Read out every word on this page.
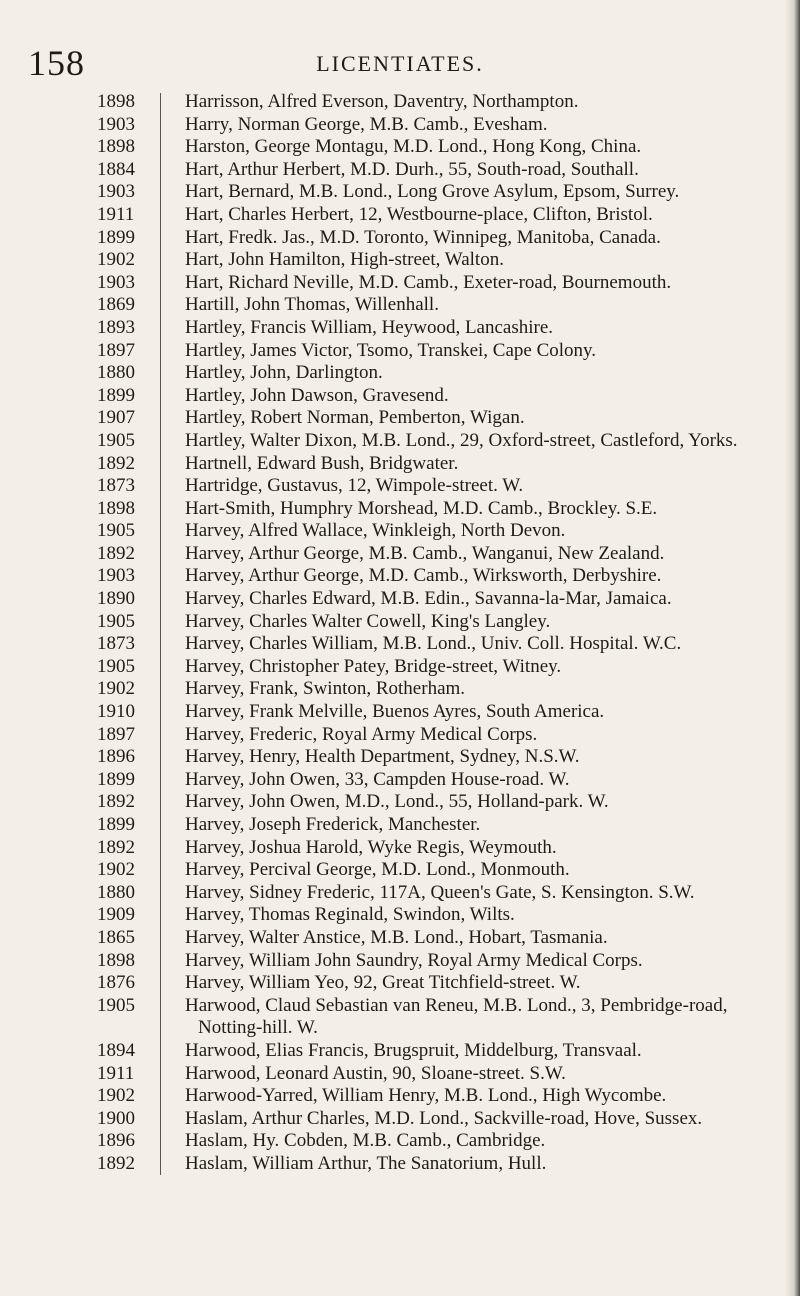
158	LICENTIATES.
1898	Harrisson, Alfred Everson, Daventry, Northampton.
1903	Harry, Norman George, M.B. Camb., Evesham.
1898	Harston, George Montagu, M.D. Lond., Hong Kong, China.
1884	Hart, Arthur Herbert, M.D. Durh., 55, South-road, Southall.
1903	Hart, Bernard, M.B. Lond., Long Grove Asylum, Epsom, Surrey.
1911	Hart, Charles Herbert, 12, Westbourne-place, Clifton, Bristol.
1899	Hart, Fredk. Jas., M.D. Toronto, Winnipeg, Manitoba, Canada.
1902	Hart, John Hamilton, High-street, Walton.
1903	Hart, Richard Neville, M.D. Camb., Exeter-road, Bournemouth.
1869	Hartill, John Thomas, Willenhall.
1893	Hartley, Francis William, Heywood, Lancashire.
1897	Hartley, James Victor, Tsomo, Transkei, Cape Colony.
1880	Hartley, John, Darlington.
1899	Hartley, John Dawson, Gravesend.
1907	Hartley, Robert Norman, Pemberton, Wigan.
1905	Hartley, Walter Dixon, M.B. Lond., 29, Oxford-street, Castleford, Yorks.
1892	Hartnell, Edward Bush, Bridgwater.
1873	Hartridge, Gustavus, 12, Wimpole-street. W.
1898	Hart-Smith, Humphry Morshead, M.D. Camb., Brockley. S.E.
1905	Harvey, Alfred Wallace, Winkleigh, North Devon.
1892	Harvey, Arthur George, M.B. Camb., Wanganui, New Zealand.
1903	Harvey, Arthur George, M.D. Camb., Wirksworth, Derbyshire.
1890	Harvey, Charles Edward, M.B. Edin., Savanna-la-Mar, Jamaica.
1905	Harvey, Charles Walter Cowell, King's Langley.
1873	Harvey, Charles William, M.B. Lond., Univ. Coll. Hospital. W.C.
1905	Harvey, Christopher Patey, Bridge-street, Witney.
1902	Harvey, Frank, Swinton, Rotherham.
1910	Harvey, Frank Melville, Buenos Ayres, South America.
1897	Harvey, Frederic, Royal Army Medical Corps.
1896	Harvey, Henry, Health Department, Sydney, N.S.W.
1899	Harvey, John Owen, 33, Campden House-road. W.
1892	Harvey, John Owen, M.D., Lond., 55, Holland-park. W.
1899	Harvey, Joseph Frederick, Manchester.
1892	Harvey, Joshua Harold, Wyke Regis, Weymouth.
1902	Harvey, Percival George, M.D. Lond., Monmouth.
1880	Harvey, Sidney Frederic, 117A, Queen's Gate, S. Kensington. S.W.
1909	Harvey, Thomas Reginald, Swindon, Wilts.
1865	Harvey, Walter Anstice, M.B. Lond., Hobart, Tasmania.
1898	Harvey, William John Saundry, Royal Army Medical Corps.
1876	Harvey, William Yeo, 92, Great Titchfield-street. W.
1905	Harwood, Claud Sebastian van Reneu, M.B. Lond., 3, Pembridge-road, Notting-hill. W.
1894	Harwood, Elias Francis, Brugspruit, Middelburg, Transvaal.
1911	Harwood, Leonard Austin, 90, Sloane-street. S.W.
1902	Harwood-Yarred, William Henry, M.B. Lond., High Wycombe.
1900	Haslam, Arthur Charles, M.D. Lond., Sackville-road, Hove, Sussex.
1896	Haslam, Hy. Cobden, M.B. Camb., Cambridge.
1892	Haslam, William Arthur, The Sanatorium, Hull.
